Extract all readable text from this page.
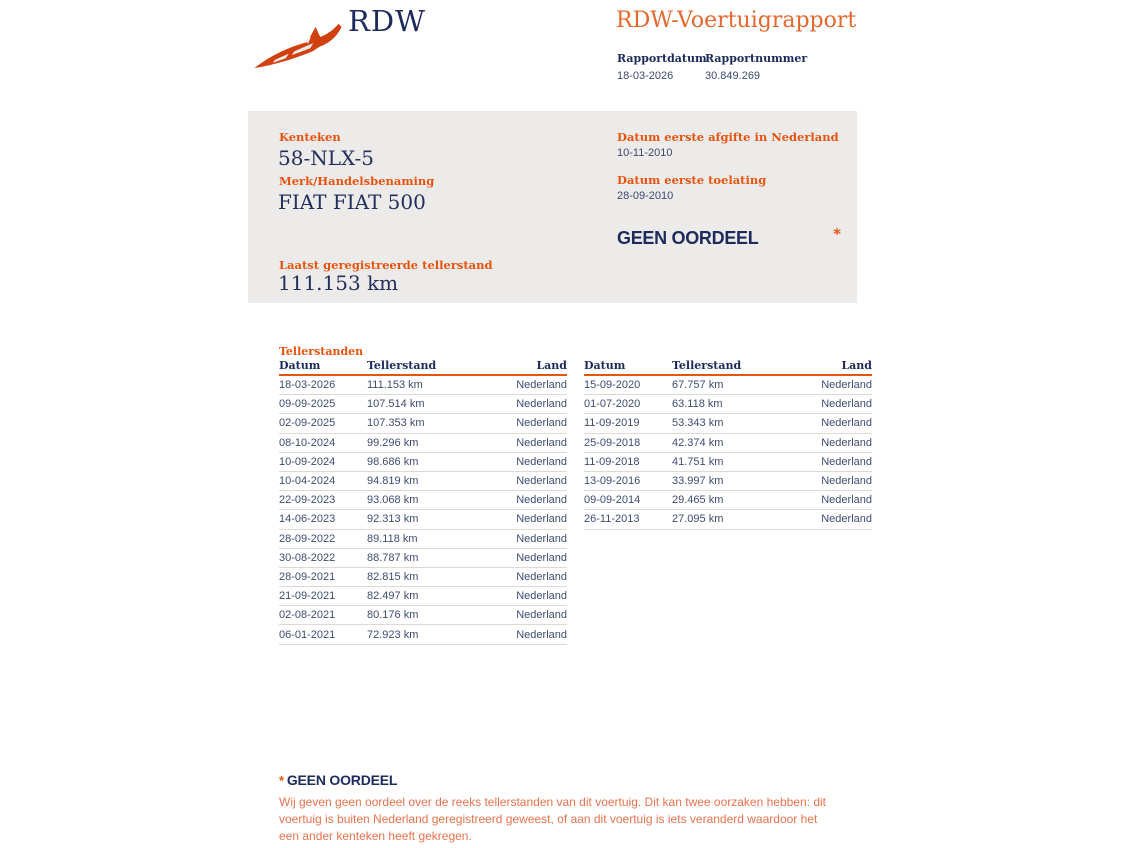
RDW	RDW-Voertuigrapport
Rapportdatum
18-03-2026
Rapportnummer
30.849.269
Kenteken
58-NLX-5
Merk/Handelsbenaming
FIAT FIAT 500
Laatst geregistreerde tellerstand
111.153 km
Datum eerste afgifte in Nederland
10-11-2010
Datum eerste toelating
28-09-2010
GEEN OORDEEL	*
Tellerstanden
Datum	Tellerstand	Land
18-03-2026	111.153 km	Nederland
09-09-2025	107.514 km	Nederland
02-09-2025	107.353 km	Nederland
08-10-2024	99.296 km	Nederland
10-09-2024	98.686 km	Nederland
10-04-2024	94.819 km	Nederland
22-09-2023	93.068 km	Nederland
14-06-2023	92.313 km	Nederland
28-09-2022	89.118 km	Nederland
30-08-2022	88.787 km	Nederland
28-09-2021	82.815 km	Nederland
21-09-2021	82.497 km	Nederland
02-08-2021	80.176 km	Nederland
06-01-2021	72.923 km	Nederland
Datum	Tellerstand	Land
15-09-2020	67.757 km	Nederland
01-07-2020	63.118 km	Nederland
11-09-2019	53.343 km	Nederland
25-09-2018	42.374 km	Nederland
11-09-2018	41.751 km	Nederland
13-09-2016	33.997 km	Nederland
09-09-2014	29.465 km	Nederland
26-11-2013	27.095 km	Nederland
* GEEN OORDEEL
Wij geven geen oordeel over de reeks tellerstanden van dit voertuig. Dit kan twee oorzaken hebben: dit voertuig is buiten Nederland geregistreerd geweest, of aan dit voertuig is iets veranderd waardoor het een ander kenteken heeft gekregen.
